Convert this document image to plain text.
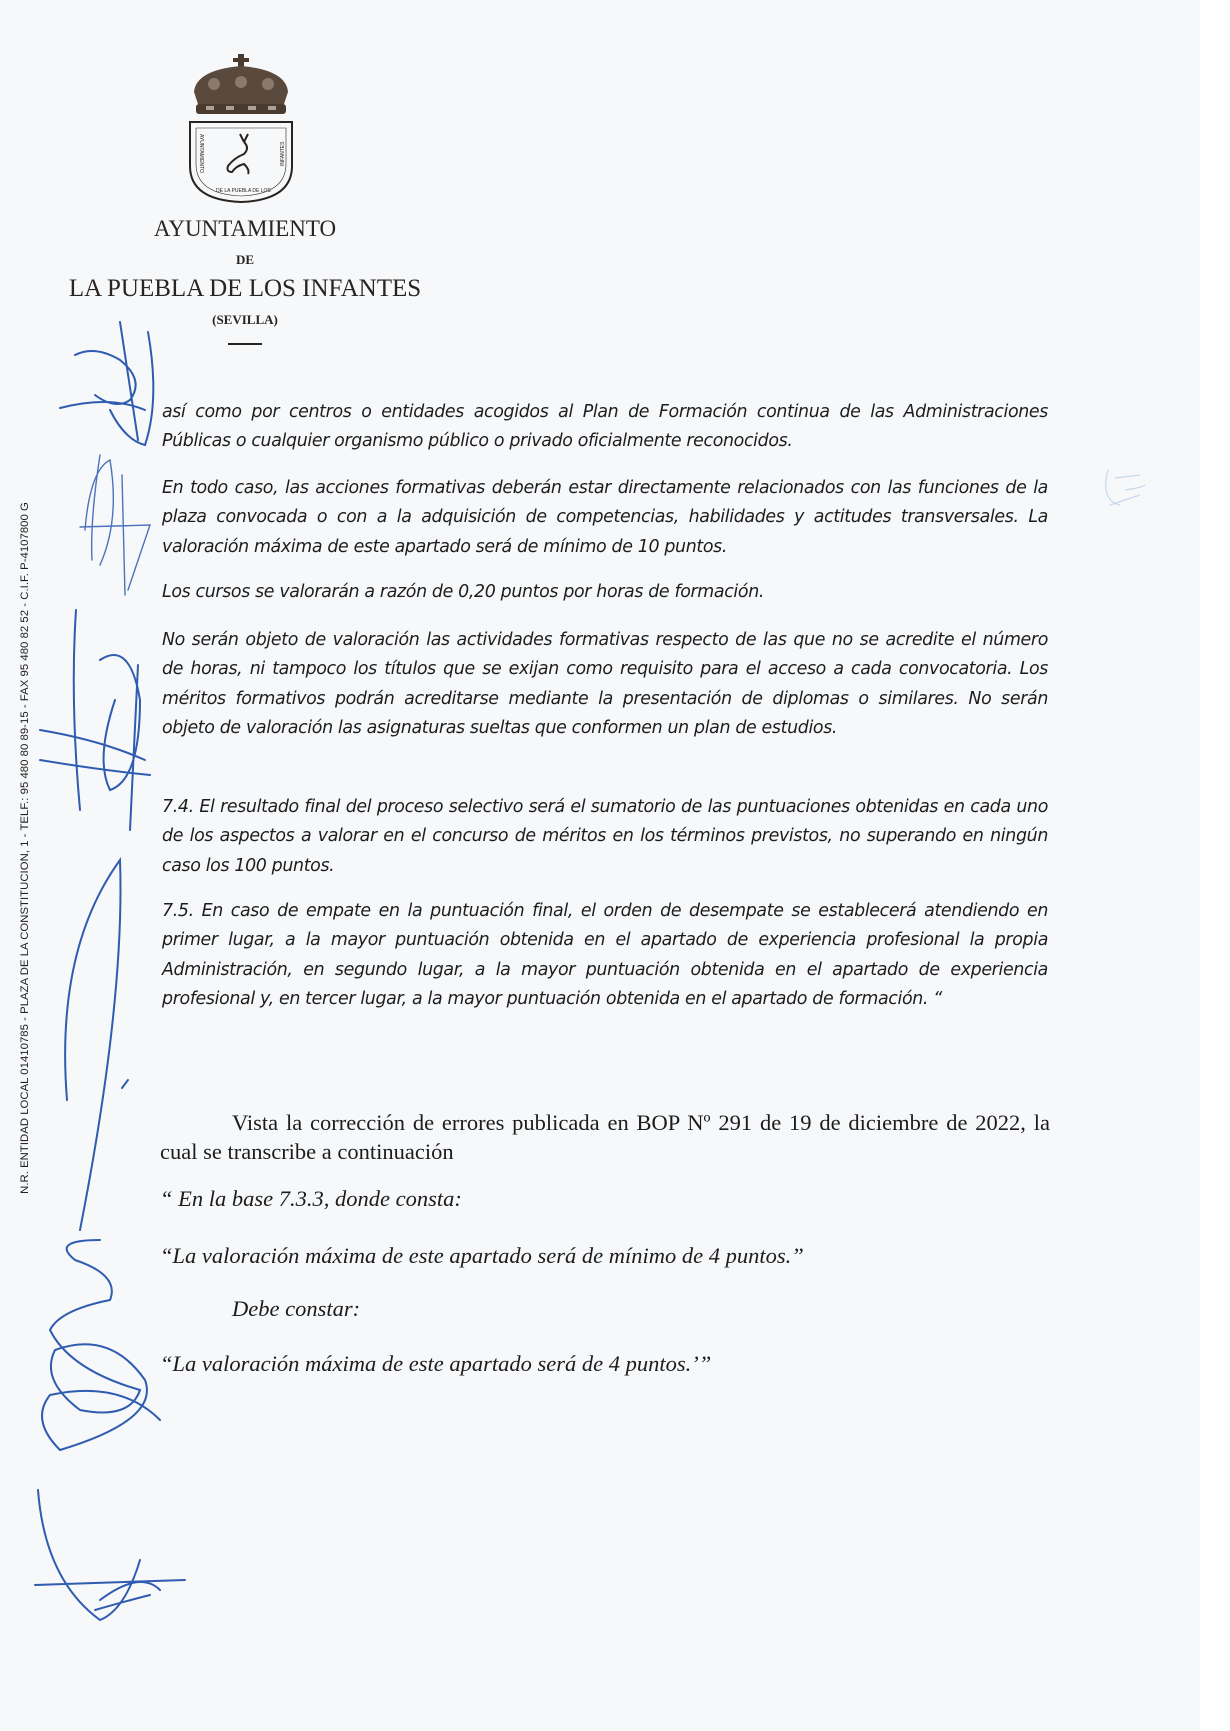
AYUNTAMIENTO	INFANTES
DE LA PUEBLA DE LOS
AYUNTAMIENTO
DE
LA PUEBLA DE LOS INFANTES
(SEVILLA)
N.R. ENTIDAD LOCAL 01410785 - PLAZA DE LA CONSTITUCION, 1 - TELF.: 95 480 80 89-15 - FAX 95 480 82 52 - C.I.F. P-4107800 G
así como por centros o entidades acogidos al Plan de Formación continua de las Administraciones Públicas o cualquier organismo público o privado oficialmente reconocidos.
En todo caso, las acciones formativas deberán estar directamente relacionados con las funciones de la plaza convocada o con a la adquisición de competencias, habilidades y actitudes transversales. La valoración máxima de este apartado será de mínimo de 10 puntos.
Los cursos se valorarán a razón de 0,20 puntos por horas de formación.
No serán objeto de valoración las actividades formativas respecto de las que no se acredite el número de horas, ni tampoco los títulos que se exijan como requisito para el acceso a cada convocatoria. Los méritos formativos podrán acreditarse mediante la presentación de diplomas o similares. No serán objeto de valoración las asignaturas sueltas que conformen un plan de estudios.
7.4. El resultado final del proceso selectivo será el sumatorio de las puntuaciones obtenidas en cada uno de los aspectos a valorar en el concurso de méritos en los términos previstos, no superando en ningún caso los 100 puntos.
7.5. En caso de empate en la puntuación final, el orden de desempate se establecerá atendiendo en primer lugar, a la mayor puntuación obtenida en el apartado de experiencia profesional la propia Administración, en segundo lugar, a la mayor puntuación obtenida en el apartado de experiencia profesional y, en tercer lugar, a la mayor puntuación obtenida en el apartado de formación. “
Vista la corrección de errores publicada en BOP Nº 291 de 19 de diciembre de 2022, la cual se transcribe a continuación
“ En la base 7.3.3, donde consta:
“La valoración máxima de este apartado será de mínimo de 4 puntos.”
Debe constar:
“La valoración máxima de este apartado será de 4 puntos.’”
